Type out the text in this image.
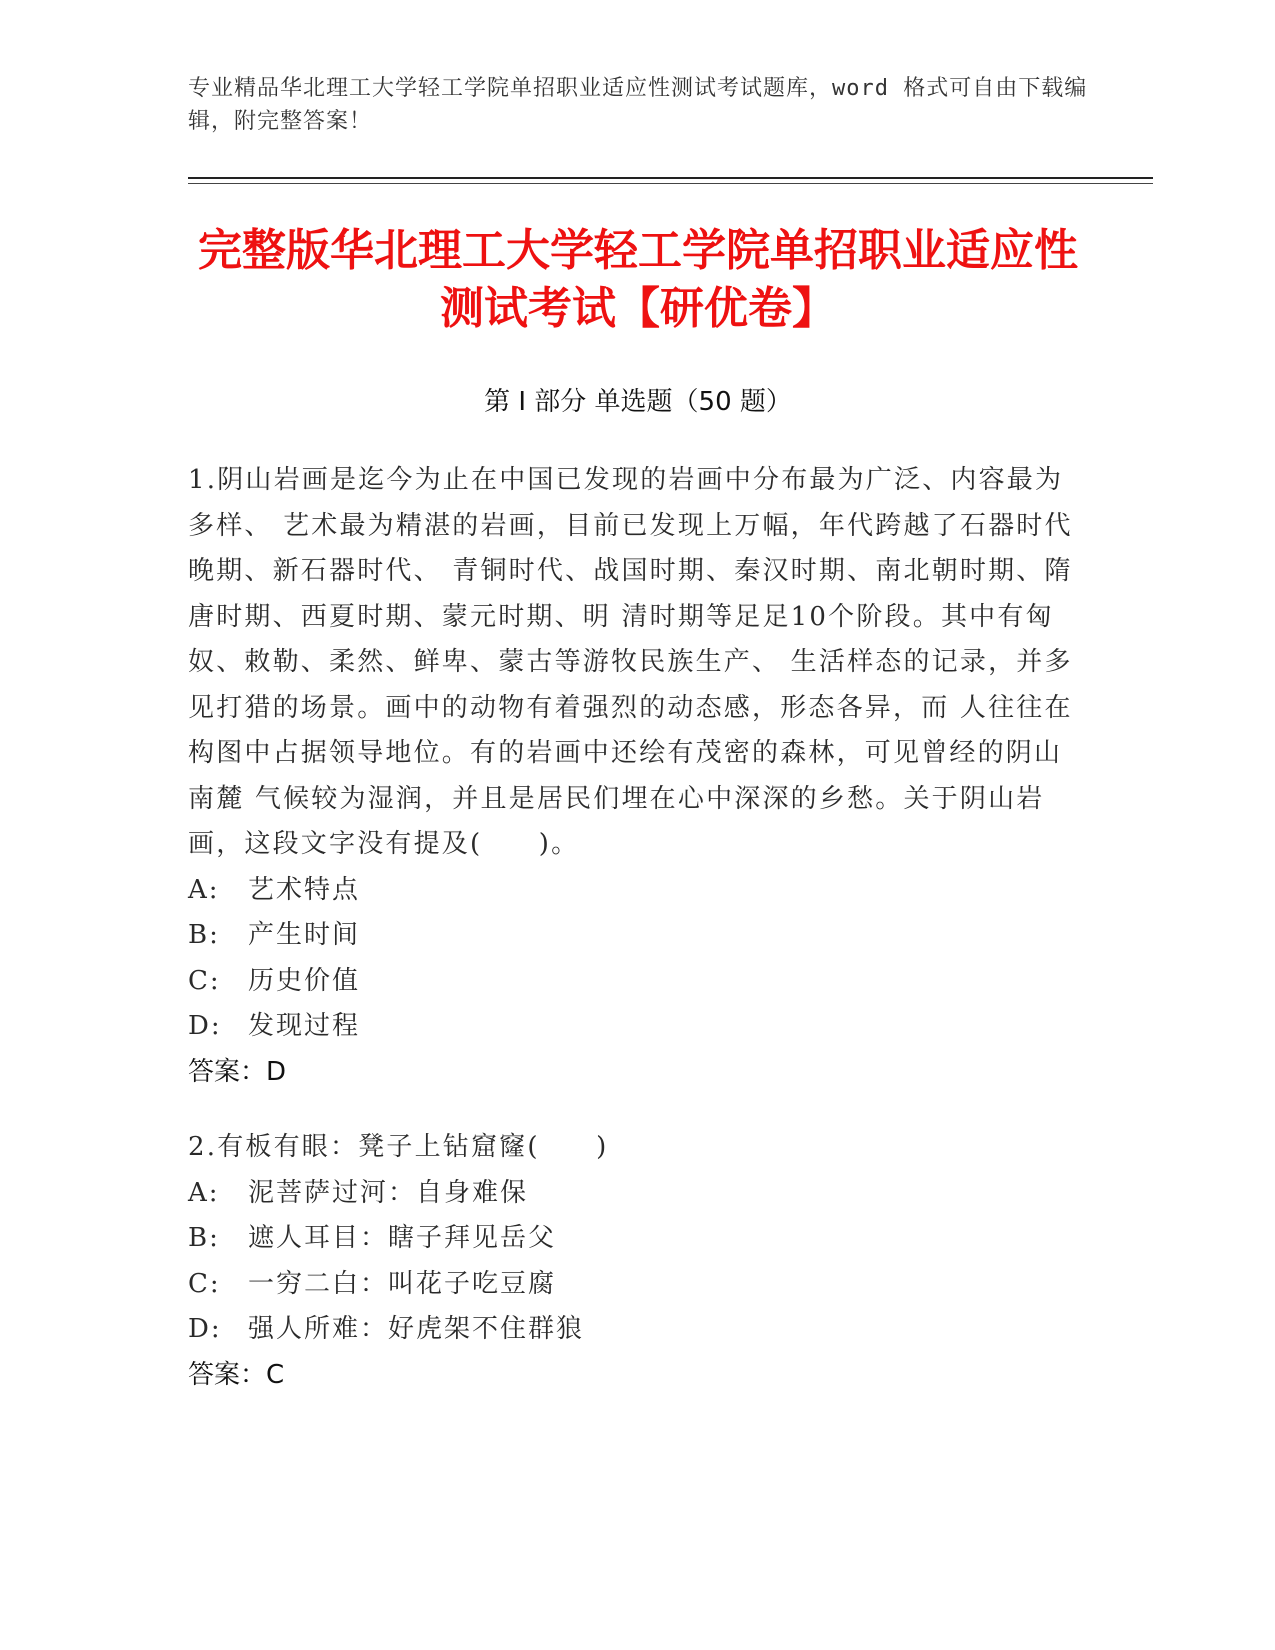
专业精品华北理工大学轻工学院单招职业适应性测试考试题库，word 格式可自由下载编辑，附完整答案！
完整版华北理工大学轻工学院单招职业适应性测试考试【研优卷】
第 I 部分 单选题（50 题）

1.阴山岩画是迄今为止在中国已发现的岩画中分布最为广泛、内容最为多样、 艺术最为精湛的岩画，目前已发现上万幅，年代跨越了石器时代晚期、新石器时代、 青铜时代、战国时期、秦汉时期、南北朝时期、隋唐时期、西夏时期、蒙元时期、明 清时期等足足10个阶段。其中有匈奴、敕勒、柔然、鲜卑、蒙古等游牧民族生产、 生活样态的记录，并多见打猎的场景。画中的动物有着强烈的动态感，形态各异，而 人往往在构图中占据领导地位。有的岩画中还绘有茂密的森林，可见曾经的阴山南麓 气候较为湿润，并且是居民们埋在心中深深的乡愁。关于阴山岩画，这段文字没有提及(　　)。

A:	艺术特点
B:	产生时间
C:	历史价值
D:	发现过程
答案：D

2.有板有眼：凳子上钻窟窿(　　)

A:	泥菩萨过河：自身难保
B:	遮人耳目：瞎子拜见岳父
C:	一穷二白：叫花子吃豆腐
D:	强人所难：好虎架不住群狼
答案：C
